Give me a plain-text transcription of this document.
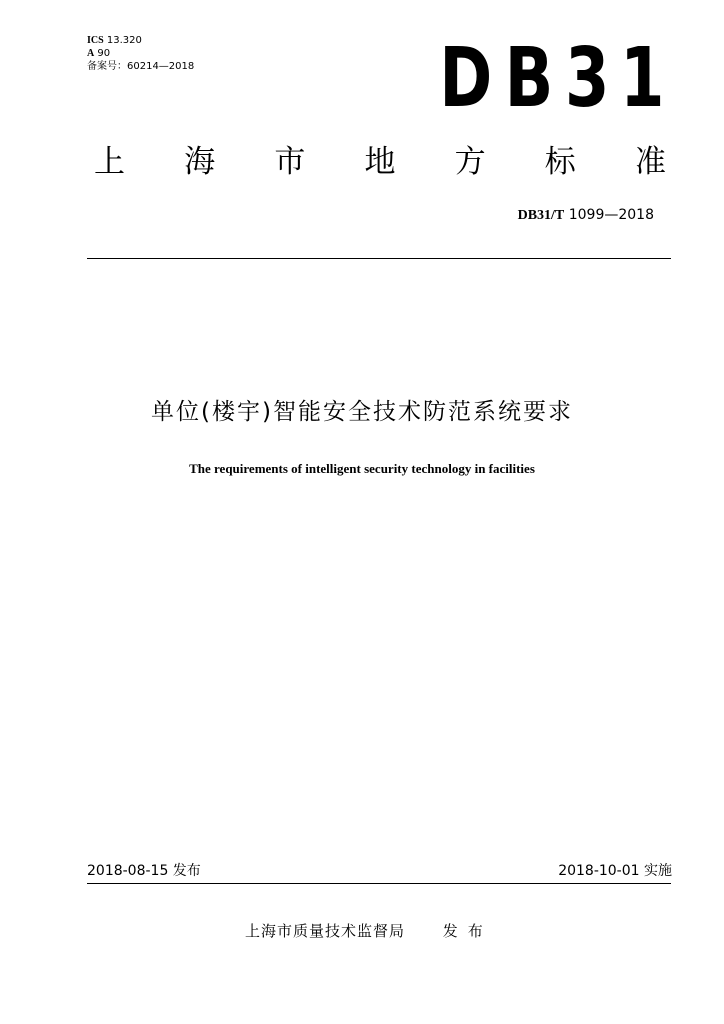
ICS 13.320
A 90
备案号：60214—2018	D B 3 1
上 海 市 地 方 标 准
DB31/T 1099—2018
单位(楼宇)智能安全技术防范系统要求
The requirements of intelligent security technology in facilities
2018-08-15 发布	2018-10-01 实施
上海市质量技术监督局	发布
